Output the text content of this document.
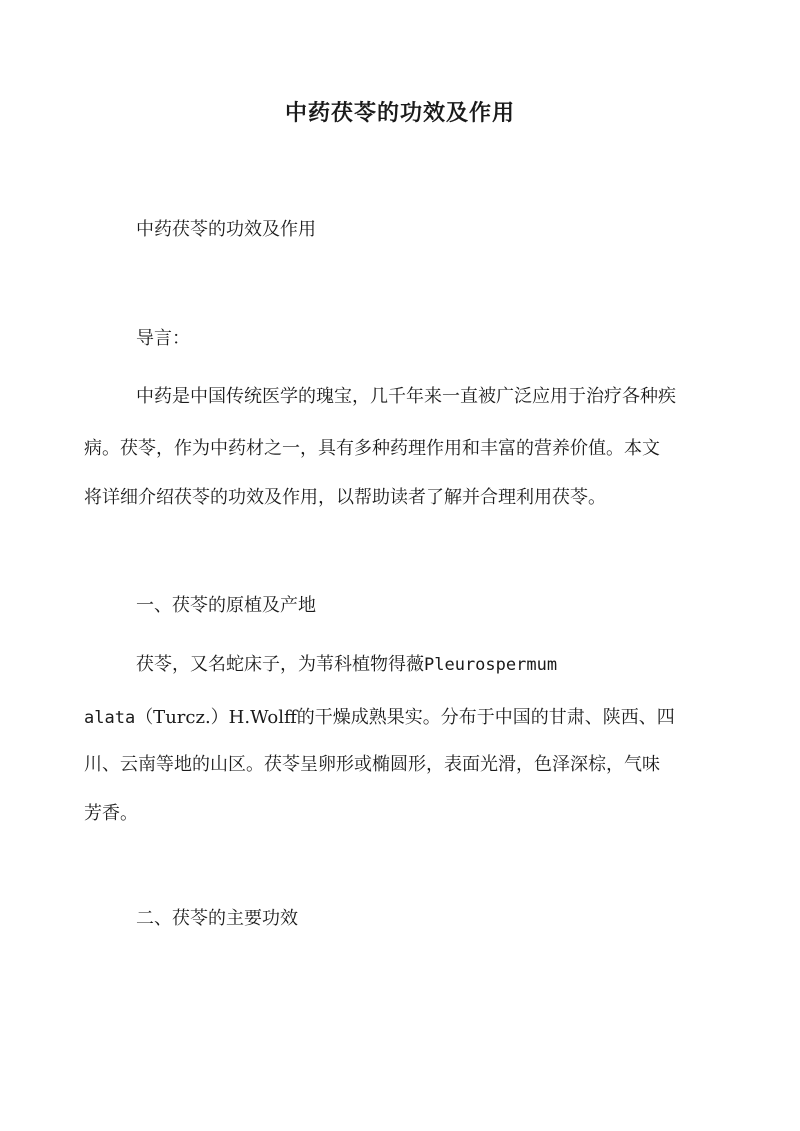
中药茯苓的功效及作用

中药茯苓的功效及作用

导言：

中药是中国传统医学的瑰宝，几千年来一直被广泛应用于治疗各种疾

病。茯苓，作为中药材之一，具有多种药理作用和丰富的营养价值。本文

将详细介绍茯苓的功效及作用，以帮助读者了解并合理利用茯苓。

一、茯苓的原植及产地

茯苓，又名蛇床子，为苇科植物得薇Pleurospermum

alata（Turcz.）H.Wolff的干燥成熟果实。分布于中国的甘肃、陕西、四

川、云南等地的山区。茯苓呈卵形或椭圆形，表面光滑，色泽深棕，气味

芳香。

二、茯苓的主要功效
